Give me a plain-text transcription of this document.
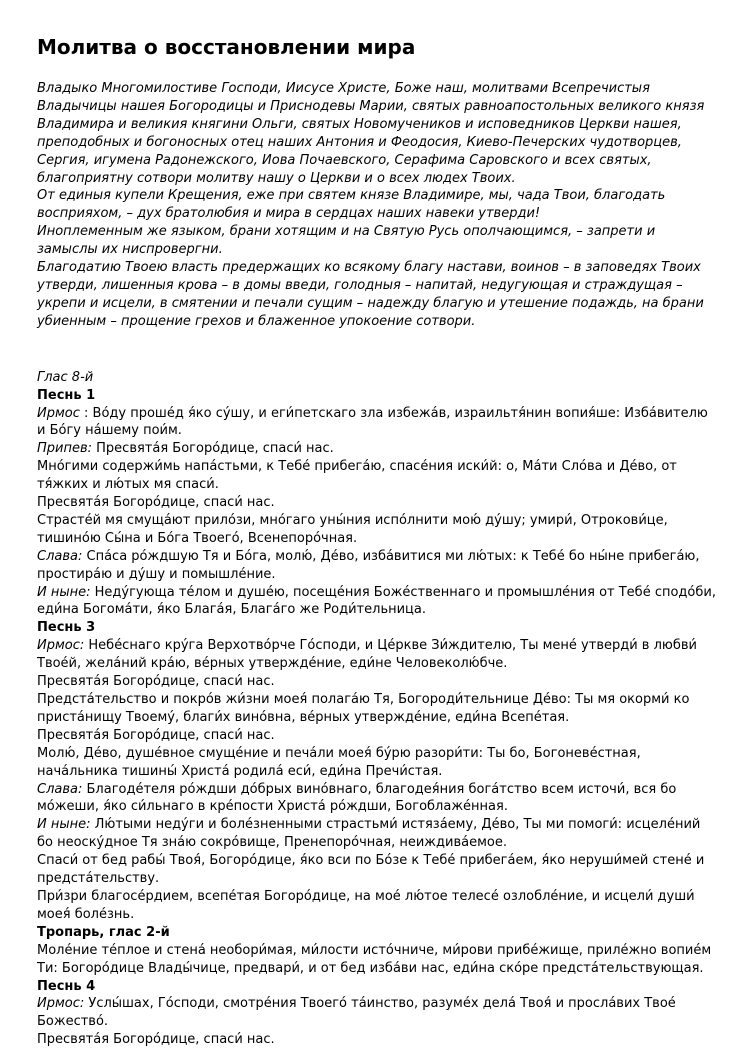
Молитва о восстановлении мира

Владыко Многомилостиве Господи, Иисусе Христе, Боже наш, молитвами Всепречистыя Владычицы нашея Богородицы и Приснодевы Марии, святых равноапостольных великого князя Владимира и великия княгини Ольги, святых Новомучеников и исповедников Церкви нашея, преподобных и богоносных отец наших Антония и Феодосия, Киево-Печерских чудотворцев, Сергия, игумена Радонежского, Иова Почаевского, Серафима Саровского и всех святых, благоприятну сотвори молитву нашу о Церкви и о всех людех Твоих.

От единыя купели Крещения, еже при святем князе Владимире, мы, чада Твои, благодать восприяхом, – дух братолюбия и мира в сердцах наших навеки утверди!

Иноплеменным же языком, брани хотящим и на Святую Русь ополчающимся, – запрети и замыслы их ниспровергни.

Благодатию Твоею власть предержащих ко всякому благу настави, воинов – в заповедях Твоих утверди, лишенныя крова – в домы введи, голодныя – напитай, недугующая и страждущая – укрепи и исцели, в смятении и печали сущим – надежду благую и утешение подаждь, на брани убиенным – прощение грехов и блаженное упокоение сотвори.

Глас 8-й

Песнь 1

Ирмос : Во́ду проше́д я́ко су́шу, и еги́петскаго зла избежа́в, израильтя́нин вопия́ше: Изба́вителю и Бо́гу на́шему пои́м.

Припев: Пресвята́я Богоро́дице, спаси́ нас.

Мно́гими содержи́мь напа́стьми, к Тебе́ прибега́ю, спасе́ния иски́й: о, Ма́ти Сло́ва и Де́во, от тя́жких и лю́тых мя спаси́.

Пресвята́я Богоро́дице, спаси́ нас.

Страсте́й мя смуща́ют прило́зи, мно́гаго уны́ния испо́лнити мою́ ду́шу; умири́, Отрокови́це, тишино́ю Сы́на и Бо́га Твоего́, Всенепоро́чная.

Слава: Спа́са ро́ждшую Тя и Бо́га, молю́, Де́во, изба́витися ми лю́тых: к Тебе́ бо ны́не прибега́ю, простира́ю и ду́шу и помышле́ние.

И ныне: Неду́гующа те́лом и душе́ю, посеще́ния Боже́ственнаго и промышле́ния от Тебе́ сподо́би, еди́на Богома́ти, я́ко Блага́я, Блага́го же Роди́тельница.

Песнь 3

Ирмос: Небе́снаго кру́га Верхотво́рче Го́споди, и Це́ркве Зи́ждителю, Ты мене́ утверди́ в любви́ Твое́й, жела́ний кра́ю, ве́рных утвержде́ние, еди́не Человеколю́бче.

Пресвята́я Богоро́дице, спаси́ нас.

Предста́тельство и покро́в жи́зни моея́ полага́ю Тя, Богороди́тельнице Де́во: Ты мя окорми́ ко приста́нищу Твоему́, благи́х вино́вна, ве́рных утвержде́ние, еди́на Всепе́тая.

Пресвята́я Богоро́дице, спаси́ нас.

Молю́, Де́во, душе́вное смуще́ние и печа́ли моея́ бу́рю разори́ти: Ты бо, Богоневе́стная, нача́льника тишины́ Христа́ родила́ еси́, еди́на Пречи́стая.

Слава: Благоде́теля ро́ждши до́брых вино́внаго, благодея́ния бога́тство всем источи́, вся бо мо́жеши, я́ко си́льнаго в кре́пости Христа́ ро́ждши, Богоблаже́нная.

И ныне: Лю́тыми неду́ги и боле́зненными страстьми́ истяза́ему, Де́во, Ты ми помоги́: исцеле́ний бо неоску́дное Тя зна́ю сокро́вище, Пренепоро́чная, неиждива́емое.

Спаси́ от бед рабы́ Твоя́, Богоро́дице, я́ко вси по Бо́зе к Тебе́ прибега́ем, я́ко неруши́мей стене́ и предста́тельству.

При́зри благосе́рдием, всепе́тая Богоро́дице, на мое́ лю́тое телесе́ озлобле́ние, и исцели́ души́ моея́ боле́знь.

Тропарь, глас 2-й

Моле́ние те́плое и стена́ необори́мая, ми́лости исто́чниче, ми́рови прибе́жище, приле́жно вопие́м Ти: Богоро́дице Влады́чице, предвари́, и от бед изба́ви нас, еди́на ско́ре предста́тельствующая.

Песнь 4

Ирмос: Услы́шах, Го́споди, смотре́ния Твоего́ та́инство, разуме́х дела́ Твоя́ и просла́вих Твое́ Божество́.

Пресвята́я Богоро́дице, спаси́ нас.
